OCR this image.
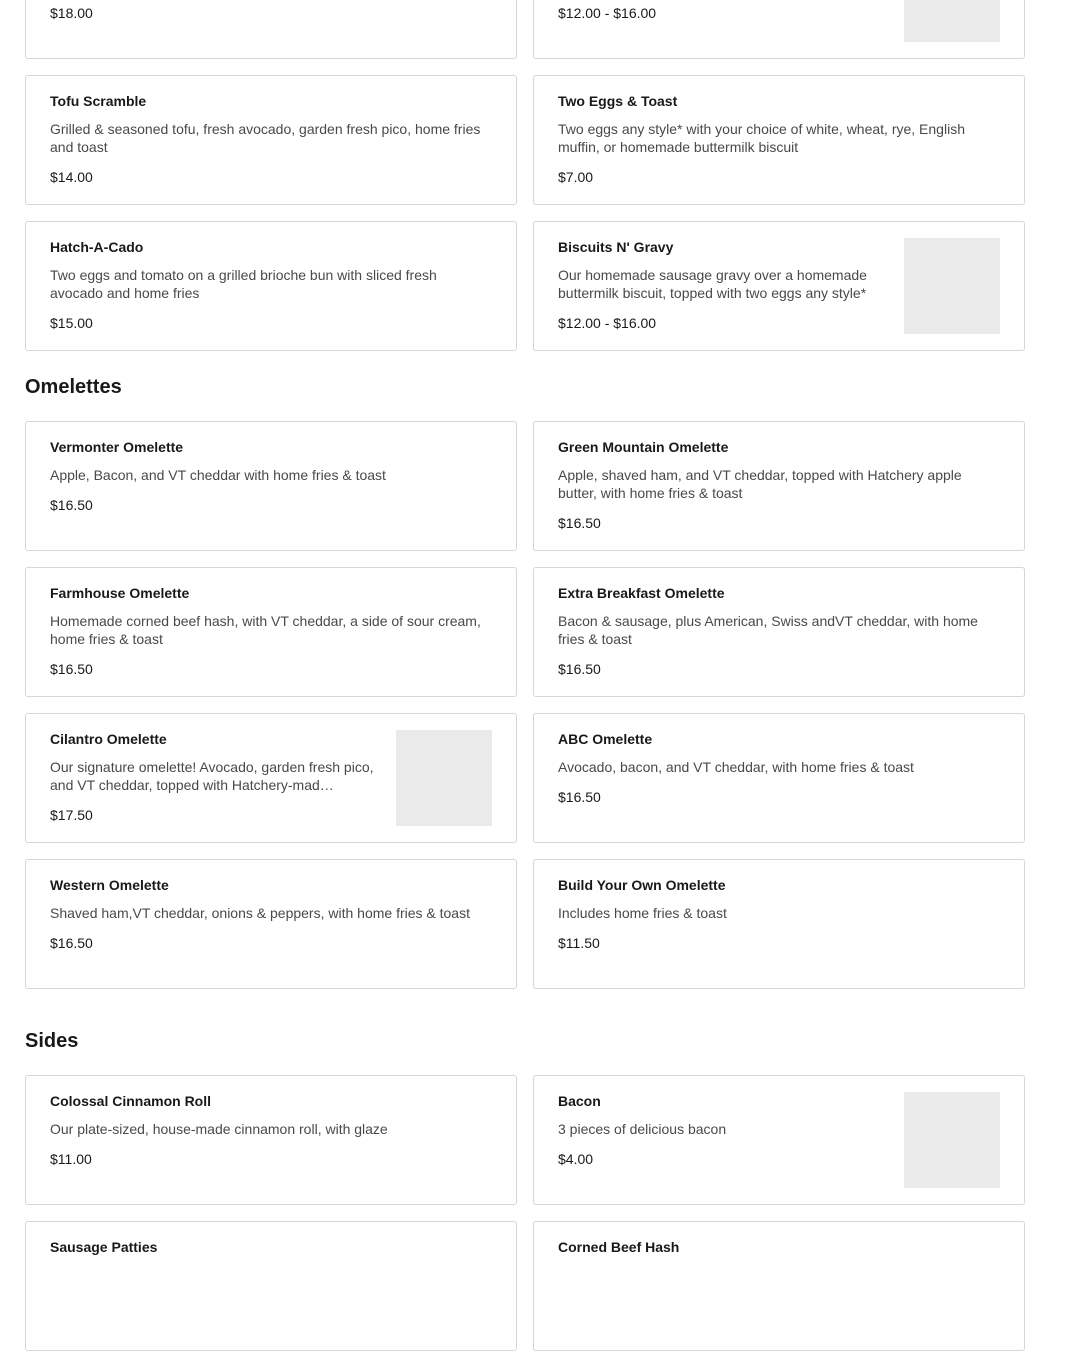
$18.00	$12.00 - $16.00
Tofu Scramble
Grilled & seasoned tofu, fresh avocado, garden fresh pico, home fries and toast
$14.00
Two Eggs & Toast
Two eggs any style* with your choice of white, wheat, rye, English muffin, or homemade buttermilk biscuit
$7.00
Hatch-A-Cado
Two eggs and tomato on a grilled brioche bun with sliced fresh avocado and home fries
$15.00
Biscuits N' Gravy
Our homemade sausage gravy over a homemade buttermilk biscuit, topped with two eggs any style*
$12.00 - $16.00
Omelettes
Vermonter Omelette
Apple, Bacon, and VT cheddar with home fries & toast
$16.50
Green Mountain Omelette
Apple, shaved ham, and VT cheddar, topped with Hatchery apple butter, with home fries & toast
$16.50
Farmhouse Omelette
Homemade corned beef hash, with VT cheddar, a side of sour cream, home fries & toast
$16.50
Extra Breakfast Omelette
Bacon & sausage, plus American, Swiss andVT cheddar, with home fries & toast
$16.50
Cilantro Omelette
Our signature omelette! Avocado, garden fresh pico, and VT cheddar, topped with Hatchery-mad…
$17.50
ABC Omelette
Avocado, bacon, and VT cheddar, with home fries & toast
$16.50
Western Omelette
Shaved ham,VT cheddar, onions & peppers, with home fries & toast
$16.50
Build Your Own Omelette
Includes home fries & toast
$11.50
Sides
Colossal Cinnamon Roll
Our plate-sized, house-made cinnamon roll, with glaze
$11.00
Bacon
3 pieces of delicious bacon
$4.00
Sausage Patties	Corned Beef Hash
